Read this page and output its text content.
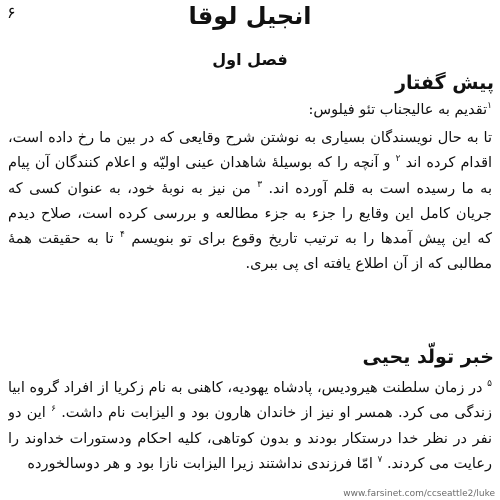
۶	انجیل لوقا
فصل اول
پیش گفتار
$^۱$تقدیم به عالیجناب تئو فیلوس:
تا به حال نویسندگان بسیاری به نوشتن شرح وقایعی که در بین ما رخ داده است، اقدام کرده اند $^۲$ و آنچه را که بوسیلهٔ شاهدان عینی اولیّه و اعلام کنندگان آن پیام به ما رسیده است به قلم آورده اند. $^۳$ من نیز به نوبهٔ خود، به عنوان کسی که جریان کامل این وقایع را جزء به جزء مطالعه و بررسی کرده است، صلاح دیدم که این پیش آمدها را به ترتیب تاریخ وقوع برای تو بنویسم $^۴$ تا به حقیقت همهٔ مطالبی که از آن اطلاع یافته ای پی ببری.
خبر تولّد یحیی
$^۵$ در زمان سلطنت هیرودیس، پادشاه یهودیه، کاهنی به نام زکریا از افراد گروه ابیا زندگی می کرد. همسر او نیز از خاندان هارون بود و الیزابت نام داشت. $^۶$ این دو نفر در نظر خدا درستکار بودند و بدون کوتاهی، کلیه احکام ودستورات خداوند را رعایت می کردند. $^۷$ امّا فرزندی نداشتند زیرا الیزابت نازا بود و هر دوسالخورده
www.farsinet.com/ccseattle2/luke
